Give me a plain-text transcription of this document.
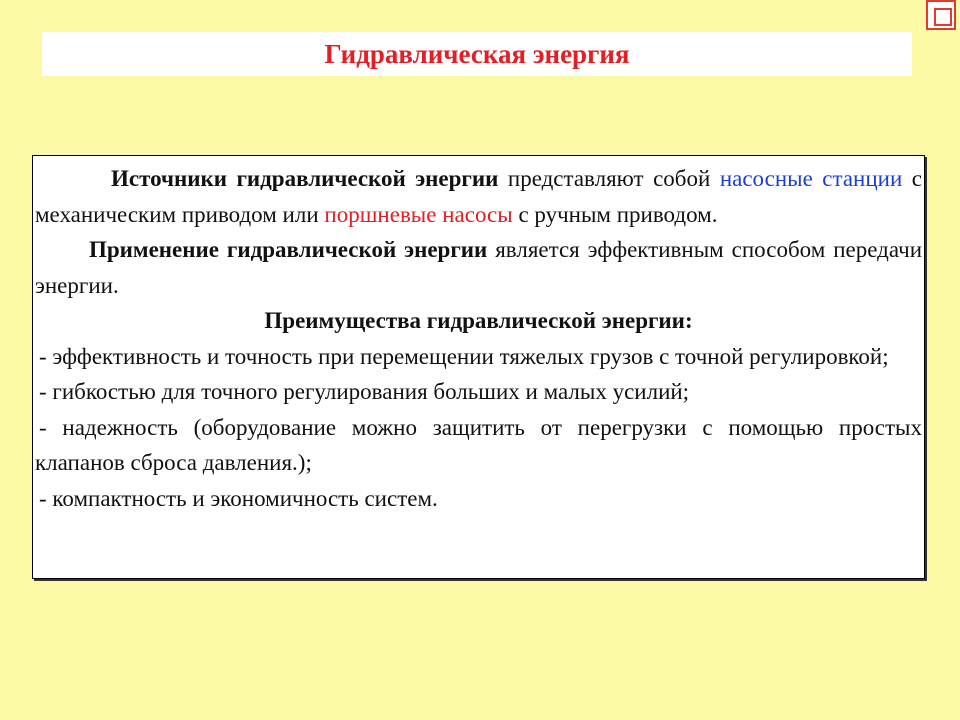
Гидравлическая энергия

Источники гидравлической энергии представляют собой насосные станции с механическим приводом или поршневые насосы с ручным приводом.

Применение гидравлической энергии является эффективным способом передачи энергии.

Преимущества гидравлической энергии:

- эффективность и точность при перемещении тяжелых грузов с точной регулировкой;

- гибкостью для точного регулирования больших и малых усилий;

- надежность (оборудование можно защитить от перегрузки с помощью простых клапанов сброса давления.);

- компактность и экономичность систем.
